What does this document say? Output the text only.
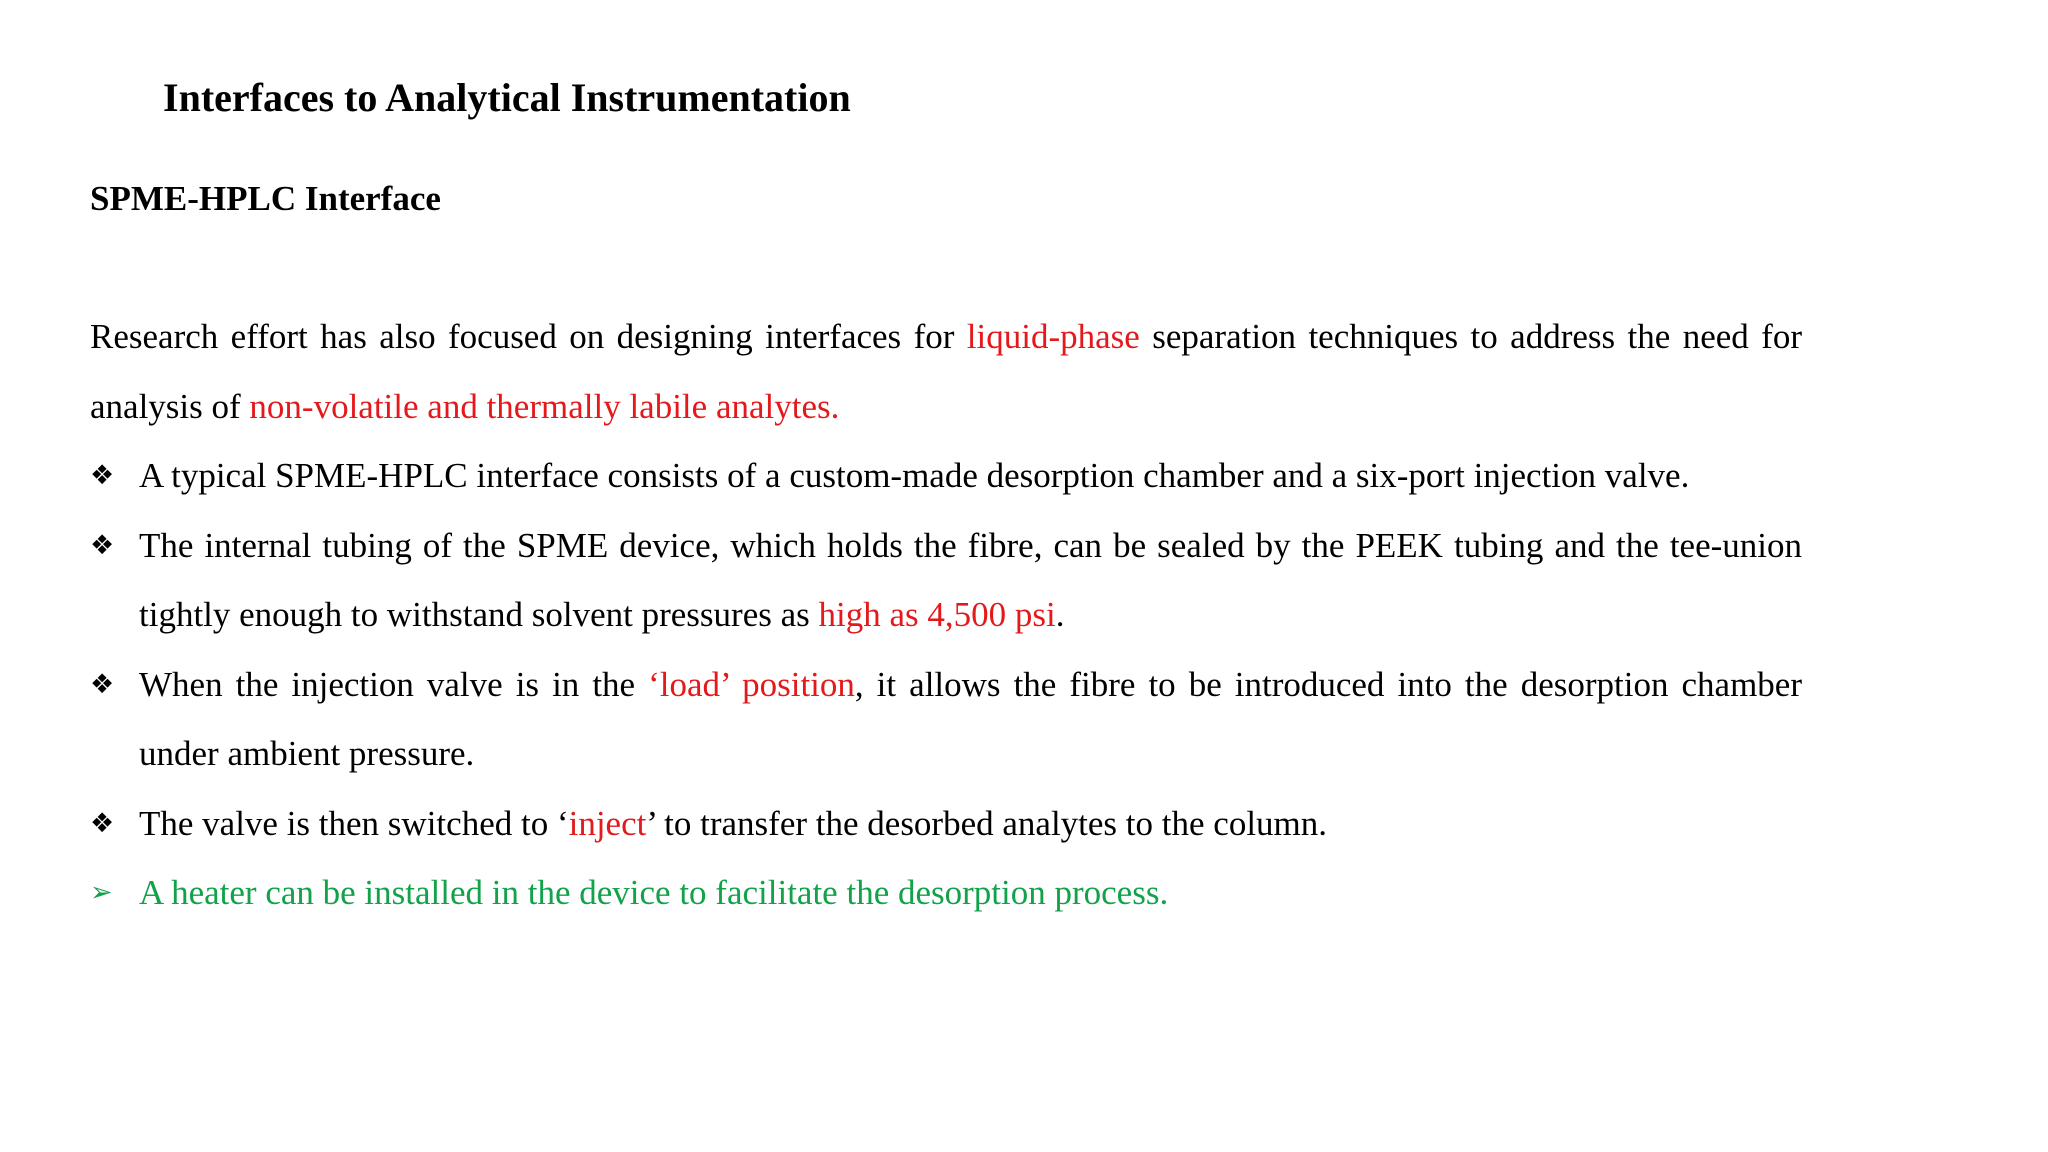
Interfaces to Analytical Instrumentation
SPME-HPLC Interface

Research effort has also focused on designing interfaces for liquid-phase separation techniques to address the need for analysis of non-volatile and thermally labile analytes.

❖ A typical SPME-HPLC interface consists of a custom-made desorption chamber and a six-port injection valve.

❖ The internal tubing of the SPME device, which holds the fibre, can be sealed by the PEEK tubing and the tee-union tightly enough to withstand solvent pressures as high as 4,500 psi.

❖ When the injection valve is in the ‘load’ position, it allows the fibre to be introduced into the desorption chamber under ambient pressure.

❖ The valve is then switched to ‘inject’ to transfer the desorbed analytes to the column.

➢ A heater can be installed in the device to facilitate the desorption process.
